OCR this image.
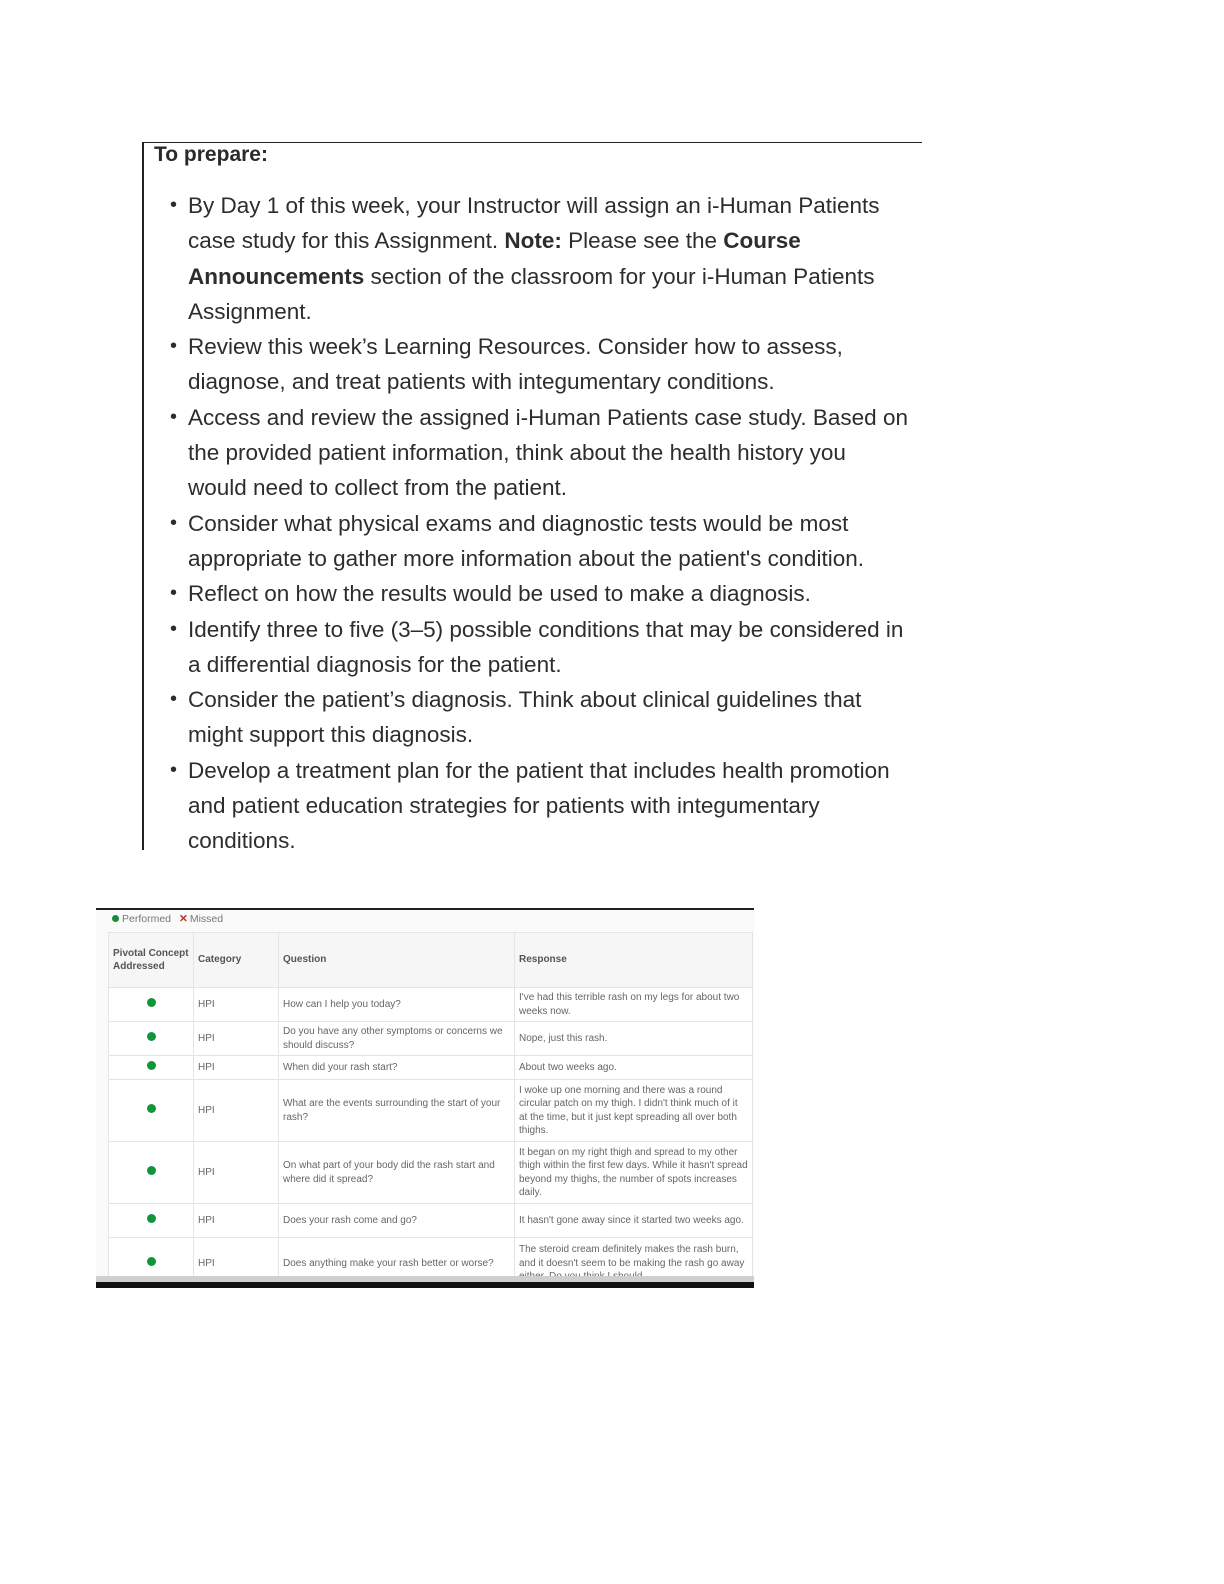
To prepare:
• By Day 1 of this week, your Instructor will assign an i-Human Patients
case study for this Assignment. Note: Please see the Course
Announcements section of the classroom for your i-Human Patients
Assignment.
• Review this week’s Learning Resources. Consider how to assess,
diagnose, and treat patients with integumentary conditions.
• Access and review the assigned i-Human Patients case study. Based on
the provided patient information, think about the health history you
would need to collect from the patient.
• Consider what physical exams and diagnostic tests would be most
appropriate to gather more information about the patient's condition.
• Reflect on how the results would be used to make a diagnosis.
• Identify three to five (3–5) possible conditions that may be considered in
a differential diagnosis for the patient.
• Consider the patient’s diagnosis. Think about clinical guidelines that
might support this diagnosis.
• Develop a treatment plan for the patient that includes health promotion
and patient education strategies for patients with integumentary
conditions.
Performed ✕ Missed
Pivotal Concept Addressed	Category	Question	Response
	HPI	How can I help you today?	I've had this terrible rash on my legs for about two weeks now.
	HPI	Do you have any other symptoms or concerns we should discuss?	Nope, just this rash.
	HPI	When did your rash start?	About two weeks ago.
	HPI	What are the events surrounding the start of your rash?	I woke up one morning and there was a round circular patch on my thigh. I didn't think much of it at the time, but it just kept spreading all over both thighs.
	HPI	On what part of your body did the rash start and where did it spread?	It began on my right thigh and spread to my other thigh within the first few days. While it hasn't spread beyond my thighs, the number of spots increases daily.
	HPI	Does your rash come and go?	It hasn't gone away since it started two weeks ago.
	HPI	Does anything make your rash better or worse?	The steroid cream definitely makes the rash burn, and it doesn't seem to be making the rash go away
